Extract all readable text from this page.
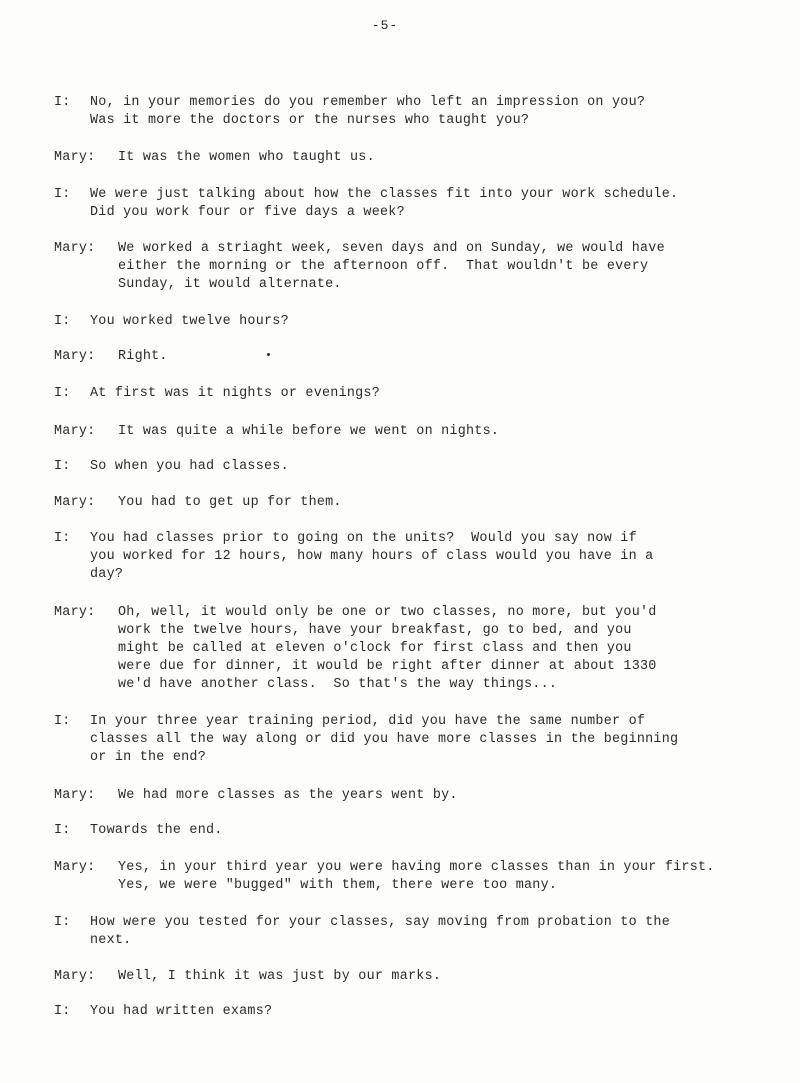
-5-
I: No, in your memories do you remember who left an impression on you?
Was it more the doctors or the nurses who taught you?
Mary: It was the women who taught us.
I: We were just talking about how the classes fit into your work schedule.
Did you work four or five days a week?
Mary: We worked a striaght week, seven days and on Sunday, we would have
either the morning or the afternoon off.  That wouldn't be every
Sunday, it would alternate.
I: You worked twelve hours?
Mary: Right.
I: At first was it nights or evenings?
Mary: It was quite a while before we went on nights.
I: So when you had classes.
Mary: You had to get up for them.
I: You had classes prior to going on the units?  Would you say now if
you worked for 12 hours, how many hours of class would you have in a
day?
Mary: Oh, well, it would only be one or two classes, no more, but you'd
work the twelve hours, have your breakfast, go to bed, and you
might be called at eleven o'clock for first class and then you
were due for dinner, it would be right after dinner at about 1330
we'd have another class.  So that's the way things...
I: In your three year training period, did you have the same number of
classes all the way along or did you have more classes in the beginning
or in the end?
Mary: We had more classes as the years went by.
I: Towards the end.
Mary: Yes, in your third year you were having more classes than in your first.
Yes, we were "bugged" with them, there were too many.
I: How were you tested for your classes, say moving from probation to the
next.
Mary: Well, I think it was just by our marks.
I: You had written exams?
